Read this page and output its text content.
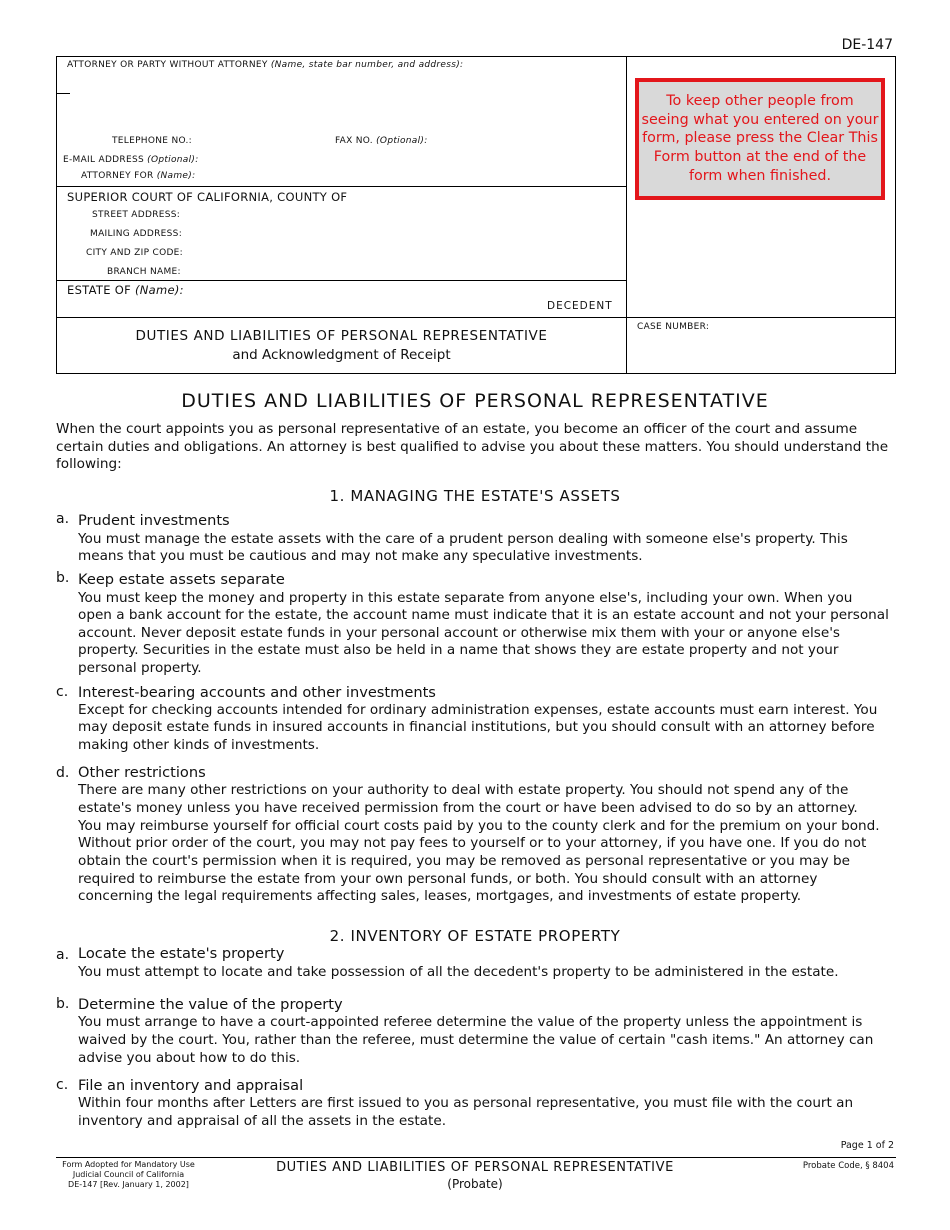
DE-147
ATTORNEY OR PARTY WITHOUT ATTORNEY (Name, state bar number, and address):
TELEPHONE NO.:	FAX NO. (Optional):
E-MAIL ADDRESS (Optional):
ATTORNEY FOR (Name):
SUPERIOR COURT OF CALIFORNIA, COUNTY OF
STREET ADDRESS:
MAILING ADDRESS:
CITY AND ZIP CODE:
BRANCH NAME:
ESTATE OF (Name):
DECEDENT
DUTIES AND LIABILITIES OF PERSONAL REPRESENTATIVE
and Acknowledgment of Receipt
CASE NUMBER:
To keep other people from seeing what you entered on your form, please press the Clear This Form button at the end of the form when finished.
DUTIES AND LIABILITIES OF PERSONAL REPRESENTATIVE
When the court appoints you as personal representative of an estate, you become an officer of the court and assume certain duties and obligations. An attorney is best qualified to advise you about these matters. You should understand the following:
1. MANAGING THE ESTATE'S ASSETS
a. Prudent investments
You must manage the estate assets with the care of a prudent person dealing with someone else's property. This
means that you must be cautious and may not make any speculative investments.
b. Keep estate assets separate
You must keep the money and property in this estate separate from anyone else's, including your own. When you
open a bank account for the estate, the account name must indicate that it is an estate account and not your personal
account. Never deposit estate funds in your personal account or otherwise mix them with your or anyone else's
property. Securities in the estate must also be held in a name that shows they are estate property and not your
personal property.
c. Interest-bearing accounts and other investments
Except for checking accounts intended for ordinary administration expenses, estate accounts must earn interest. You
may deposit estate funds in insured accounts in financial institutions, but you should consult with an attorney before
making other kinds of investments.
d. Other restrictions
There are many other restrictions on your authority to deal with estate property. You should not spend any of the
estate's money unless you have received permission from the court or have been advised to do so by an attorney.
You may reimburse yourself for official court costs paid by you to the county clerk and for the premium on your bond.
Without prior order of the court, you may not pay fees to yourself or to your attorney, if you have one. If you do not
obtain the court's permission when it is required, you may be removed as personal representative or you may be
required to reimburse the estate from your own personal funds, or both. You should consult with an attorney
concerning the legal requirements affecting sales, leases, mortgages, and investments of estate property.
2. INVENTORY OF ESTATE PROPERTY
a. Locate the estate's property
You must attempt to locate and take possession of all the decedent's property to be administered in the estate.
b. Determine the value of the property
You must arrange to have a court-appointed referee determine the value of the property unless the appointment is
waived by the court. You, rather than the referee, must determine the value of certain "cash items." An attorney can
advise you about how to do this.
c. File an inventory and appraisal
Within four months after Letters are first issued to you as personal representative, you must file with the court an
inventory and appraisal of all the assets in the estate.
Page 1 of 2
Form Adopted for Mandatory Use
Judicial Council of California
DE-147 [Rev. January 1, 2002]
DUTIES AND LIABILITIES OF PERSONAL REPRESENTATIVE
(Probate)
Probate Code, § 8404
